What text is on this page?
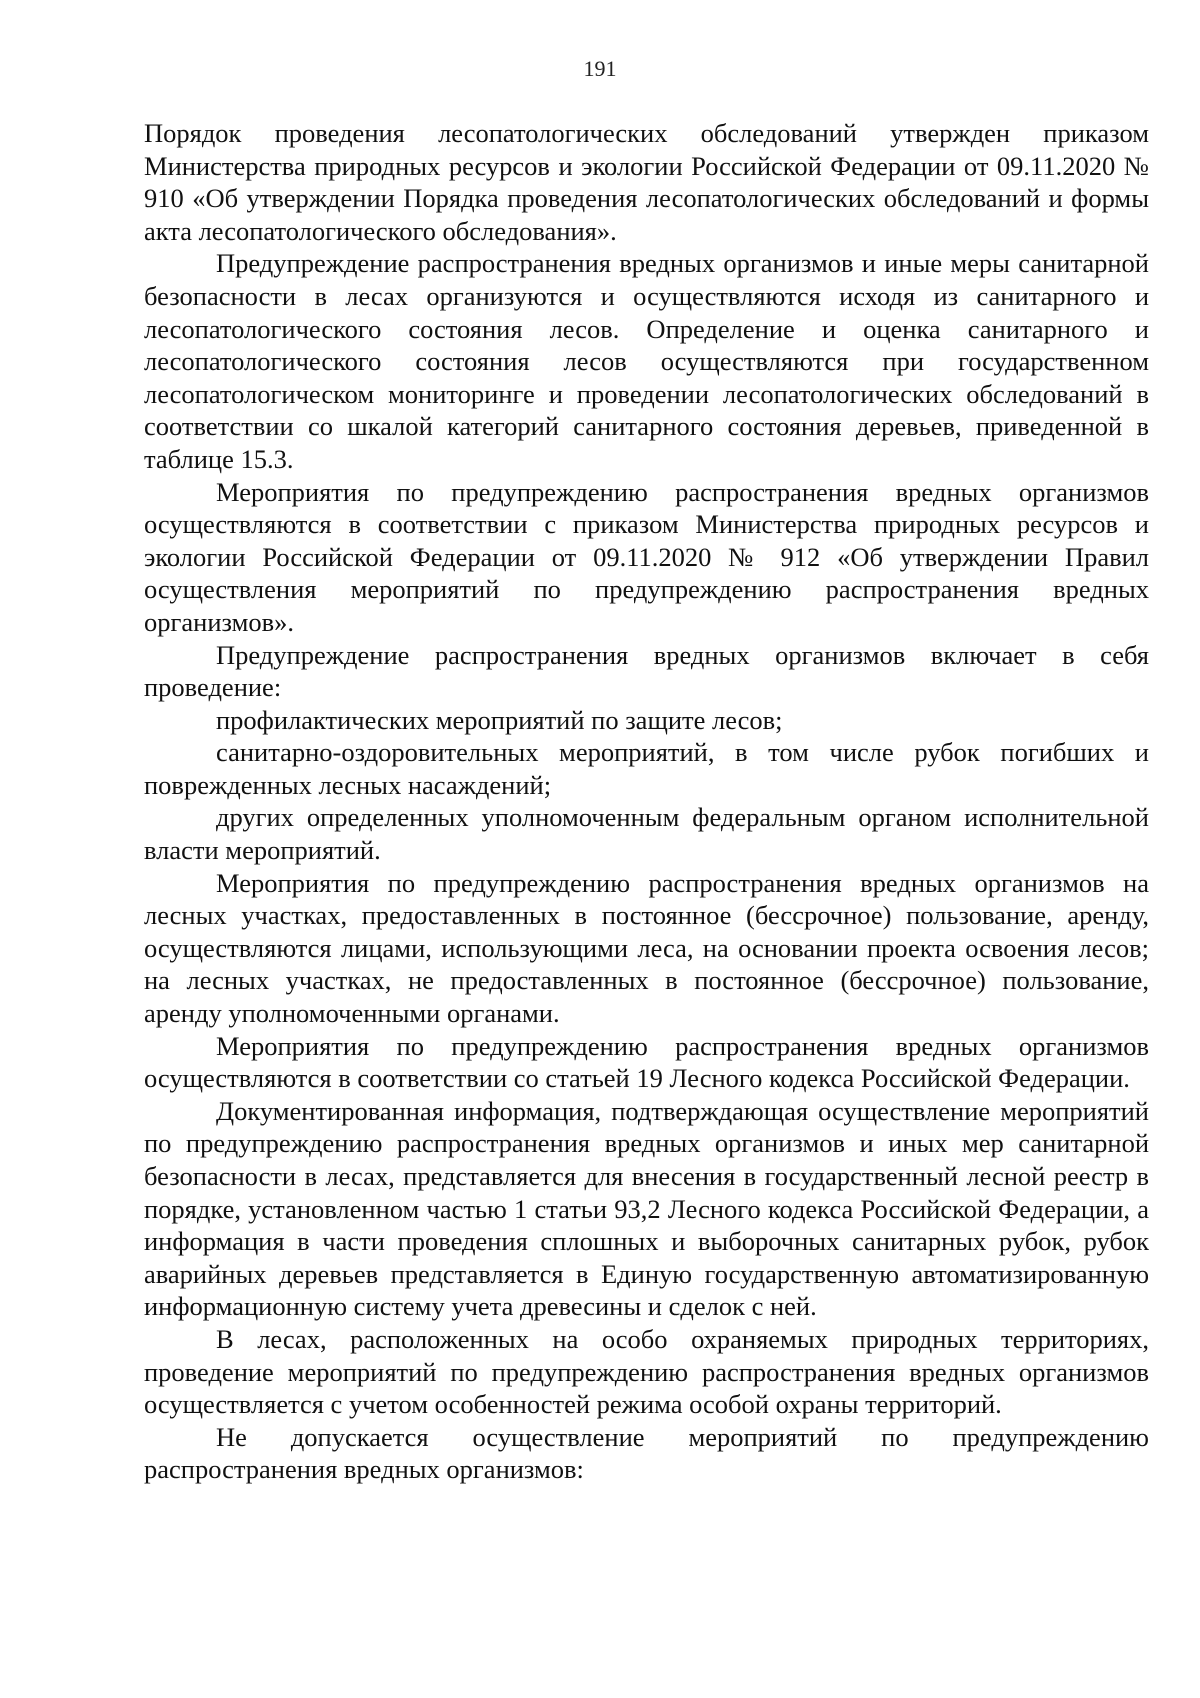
191

Порядок проведения лесопатологических обследований утвержден приказом Министерства природных ресурсов и экологии Российской Федерации от 09.11.2020 № 910 «Об утверждении Порядка проведения лесопатологических обследований и формы акта лесопатологического обследования».

Предупреждение распространения вредных организмов и иные меры санитарной безопасности в лесах организуются и осуществляются исходя из санитарного и лесопатологического состояния лесов. Определение и оценка санитарного и лесопатологического состояния лесов осуществляются при государственном лесопатологическом мониторинге и проведении лесопатологических обследований в соответствии со шкалой категорий санитарного состояния деревьев, приведенной в таблице 15.3.

Мероприятия по предупреждению распространения вредных организмов осуществляются в соответствии с приказом Министерства природных ресурсов и экологии Российской Федерации от 09.11.2020 № 912 «Об утверждении Правил осуществления мероприятий по предупреждению распространения вредных организмов».

Предупреждение распространения вредных организмов включает в себя проведение:

профилактических мероприятий по защите лесов;

санитарно-оздоровительных мероприятий, в том числе рубок погибших и поврежденных лесных насаждений;

других определенных уполномоченным федеральным органом исполнительной власти мероприятий.

Мероприятия по предупреждению распространения вредных организмов на лесных участках, предоставленных в постоянное (бессрочное) пользование, аренду, осуществляются лицами, использующими леса, на основании проекта освоения лесов; на лесных участках, не предоставленных в постоянное (бессрочное) пользование, аренду уполномоченными органами.

Мероприятия по предупреждению распространения вредных организмов осуществляются в соответствии со статьей 19 Лесного кодекса Российской Федерации.

Документированная информация, подтверждающая осуществление мероприятий по предупреждению распространения вредных организмов и иных мер санитарной безопасности в лесах, представляется для внесения в государственный лесной реестр в порядке, установленном частью 1 статьи 93,2 Лесного кодекса Российской Федерации, а информация в части проведения сплошных и выборочных санитарных рубок, рубок аварийных деревьев представляется в Единую государственную автоматизированную информационную систему учета древесины и сделок с ней.

В лесах, расположенных на особо охраняемых природных территориях, проведение мероприятий по предупреждению распространения вредных организмов осуществляется с учетом особенностей режима особой охраны территорий.

Не допускается осуществление мероприятий по предупреждению распространения вредных организмов:
